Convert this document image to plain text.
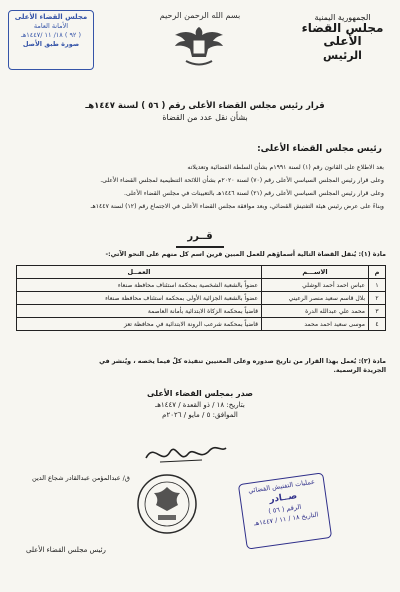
الجمهورية اليمنية
مجلس القضاء الأعلى
الرئيس
بسم الله الرحمن الرحيم
مجلس القضاء الأعلى
الأمانة العامة
( ٩٢ ) ١٨/ ١١ /١٤٤٧هـ
صورة طبق الأصل
قرار رئيس مجلس القضاء الأعلى رقم ( ٥٦ ) لسنة ١٤٤٧هـ
بشأن نقل عدد من القضاة
رئيس مجلس القضاء الأعلى:
بعد الاطلاع على القانون رقم (١) لسنة ١٩٩١م بشأن السلطة القضائية وتعديلاته
وعلى قرار رئيس المجلس السياسي الأعلى رقم (٧٠) لسنة ٢٠٢٠م بشأن اللائحة التنظيمية لمجلس القضاء الأعلى.
وعلى قرار رئيس المجلس السياسي الأعلى رقم (٢١) لسنة ١٤٤٦هـ بالتعيينات في مجلس القضاء الأعلى.
وبناءً على عرض رئيس هيئة التفتيش القضائي، وبعد موافقة مجلس القضاء الأعلى في الاجتماع رقم (١٢) لسنة ١٤٤٧هـ
قــرر
مادة (١): يُنقل القضاة التالية أسماؤهم للعمل المبين قرين اسم كل منهم على النحو الآتي:-
م	الاســـم	العمــل
١	عباس احمد أحمد الوشلي	عضواً بالشعبة الشخصية بمحكمة استئناف محافظة صنعاء
٢	بلال قاسم سعيد منصر الرعيني	عضواً بالشعبة الجزائية الأولى بمحكمة استئناف محافظة صنعاء
٣	محمد علي عبدالله الدرة	قاضياً بمحكمة الزكاة الابتدائية بأمانة العاصمة
٤	موسى سعيد احمد محمد	قاضياً بمحكمة شرعب الرونة الابتدائية في محافظة تعز
مادة (٢): يُعمل بهذا القرار من تاريخ صدوره وعلى المعنيين تنفيذه كلٌ فيما يخصه ، ويُنشر في
الجريدة الرسمية.
صدر بمجلس القضاء الأعلى
بتاريخ: ١٨ / ذو القعدة / ١٤٤٧هـ
الموافق: ٥ / مايو / ٢٠٢٦م
ق/ عبدالمؤمن عبدالقادر شجاع الدين
رئيس مجلس القضاء الأعلى
عمليات التفتيش القضائي
صــادر
الرقم ( ٥٦ )
التاريخ ١٨ / ١١ / ١٤٤٧هـ
